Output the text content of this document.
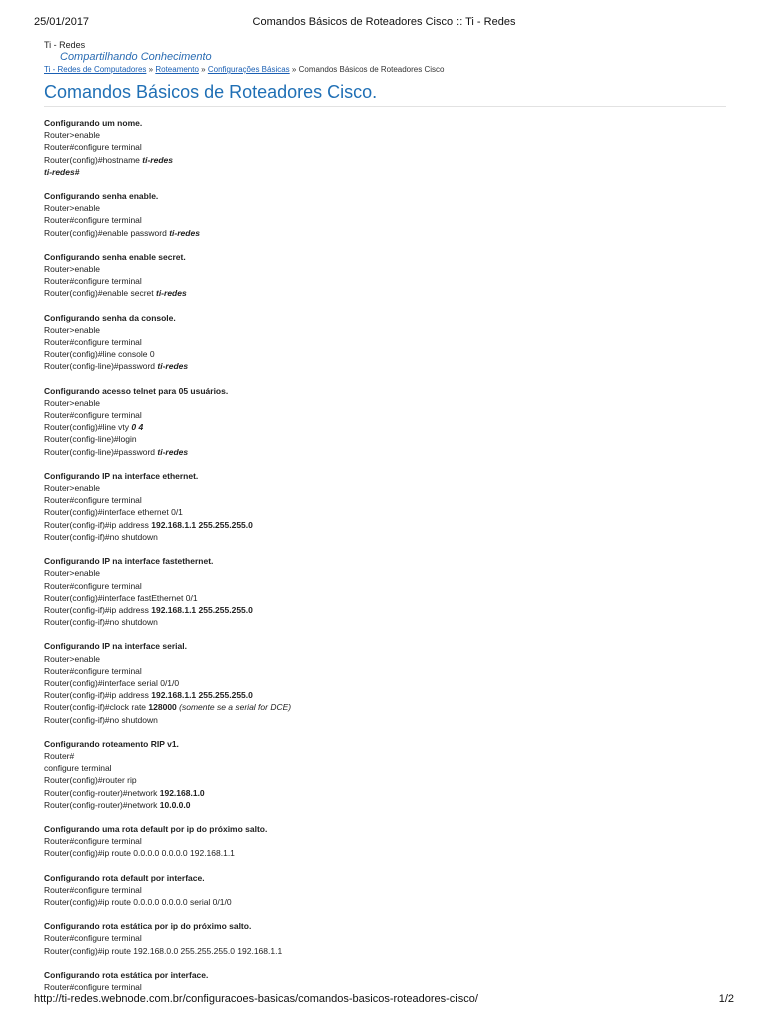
25/01/2017	Comandos Básicos de Roteadores Cisco :: Ti - Redes
Ti - Redes
Compartilhando Conhecimento
Ti - Redes de Computadores » Roteamento » Configurações Básicas » Comandos Básicos de Roteadores Cisco
Comandos Básicos de Roteadores Cisco.
Configurando um nome.
Router>enable
Router#configure terminal
Router(config)#hostname ti-redes
ti-redes#
Configurando senha enable.
Router>enable
Router#configure terminal
Router(config)#enable password ti-redes
Configurando senha enable secret.
Router>enable
Router#configure terminal
Router(config)#enable secret ti-redes
Configurando senha da console.
Router>enable
Router#configure terminal
Router(config)#line console 0
Router(config-line)#password ti-redes
Configurando acesso telnet para 05 usuários.
Router>enable
Router#configure terminal
Router(config)#line vty 0 4
Router(config-line)#login
Router(config-line)#password ti-redes
Configurando IP na interface ethernet.
Router>enable
Router#configure terminal
Router(config)#interface ethernet 0/1
Router(config-if)#ip address 192.168.1.1 255.255.255.0
Router(config-if)#no shutdown
Configurando IP na interface fastethernet.
Router>enable
Router#configure terminal
Router(config)#interface fastEthernet 0/1
Router(config-if)#ip address 192.168.1.1 255.255.255.0
Router(config-if)#no shutdown
Configurando IP na interface serial.
Router>enable
Router#configure terminal
Router(config)#interface serial 0/1/0
Router(config-if)#ip address 192.168.1.1 255.255.255.0
Router(config-if)#clock rate 128000 (somente se a serial for DCE)
Router(config-if)#no shutdown
Configurando roteamento RIP v1.
Router#
configure terminal
Router(config)#router rip
Router(config-router)#network 192.168.1.0
Router(config-router)#network 10.0.0.0
Configurando uma rota default por ip do próximo salto.
Router#configure terminal
Router(config)#ip route 0.0.0.0 0.0.0.0 192.168.1.1
Configurando rota default por interface.
Router#configure terminal
Router(config)#ip route 0.0.0.0 0.0.0.0 serial 0/1/0
Configurando rota estática por ip do próximo salto.
Router#configure terminal
Router(config)#ip route 192.168.0.0 255.255.255.0 192.168.1.1
Configurando rota estática por interface.
Router#configure terminal
http://ti-redes.webnode.com.br/configuracoes-basicas/comandos-basicos-roteadores-cisco/	1/2
